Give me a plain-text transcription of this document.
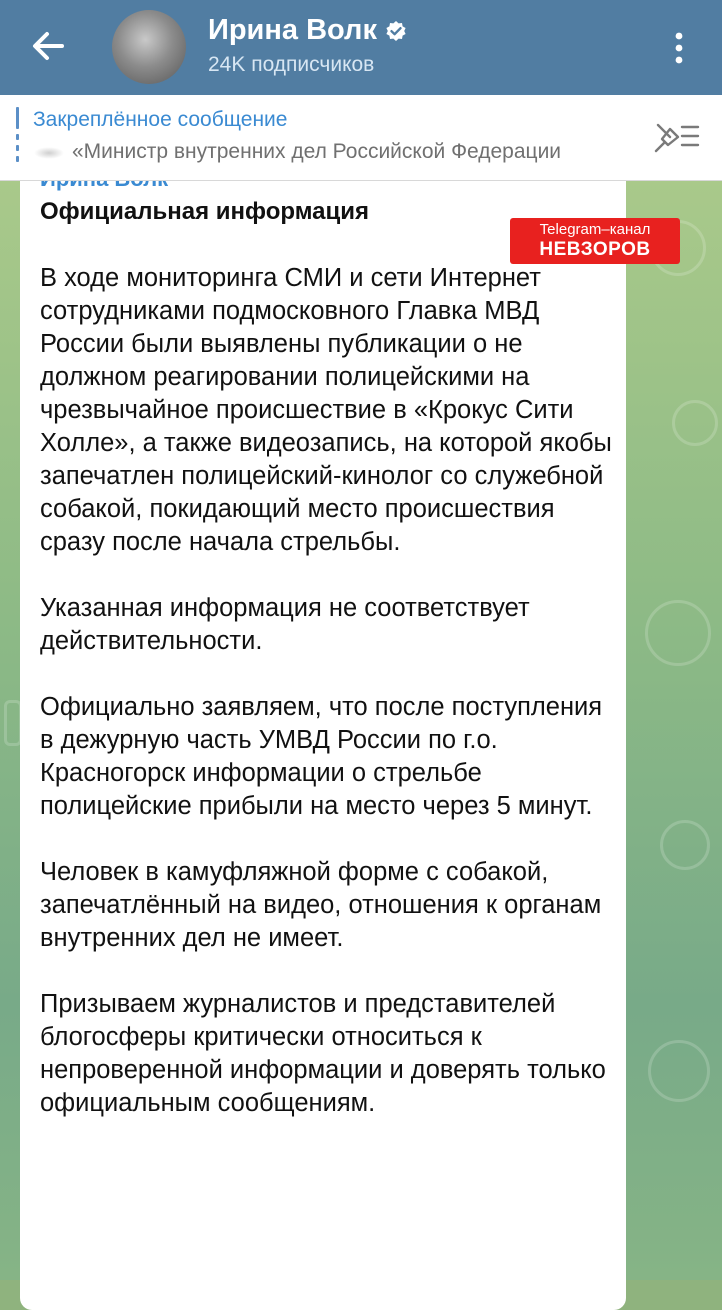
Ирина Волк
24K подписчиков
Закреплённое сообщение
«Министр внутренних дел Российской Федерации
Официальная информация
Telegram–канал
НЕВЗОРОВ

В ходе мониторинга СМИ и сети Интернет сотрудниками подмосковного Главка МВД России были выявлены публикации о не должном реагировании полицейскими на чрезвычайное происшествие в «Крокус Сити Холле», а также видеозапись, на которой якобы запечатлен полицейский-кинолог со служебной собакой, покидающий место происшествия сразу после начала стрельбы.

Указанная информация не соответствует действительности.

Официально заявляем, что после поступления в дежурную часть УМВД России по г.о. Красногорск информации о стрельбе полицейские прибыли на место через 5 минут.

Человек в камуфляжной форме с собакой, запечатлённый на видео, отношения к органам внутренних дел не имеет.

Призываем журналистов и представителей блогосферы критически относиться к непроверенной информации и доверять только официальным сообщениям.
